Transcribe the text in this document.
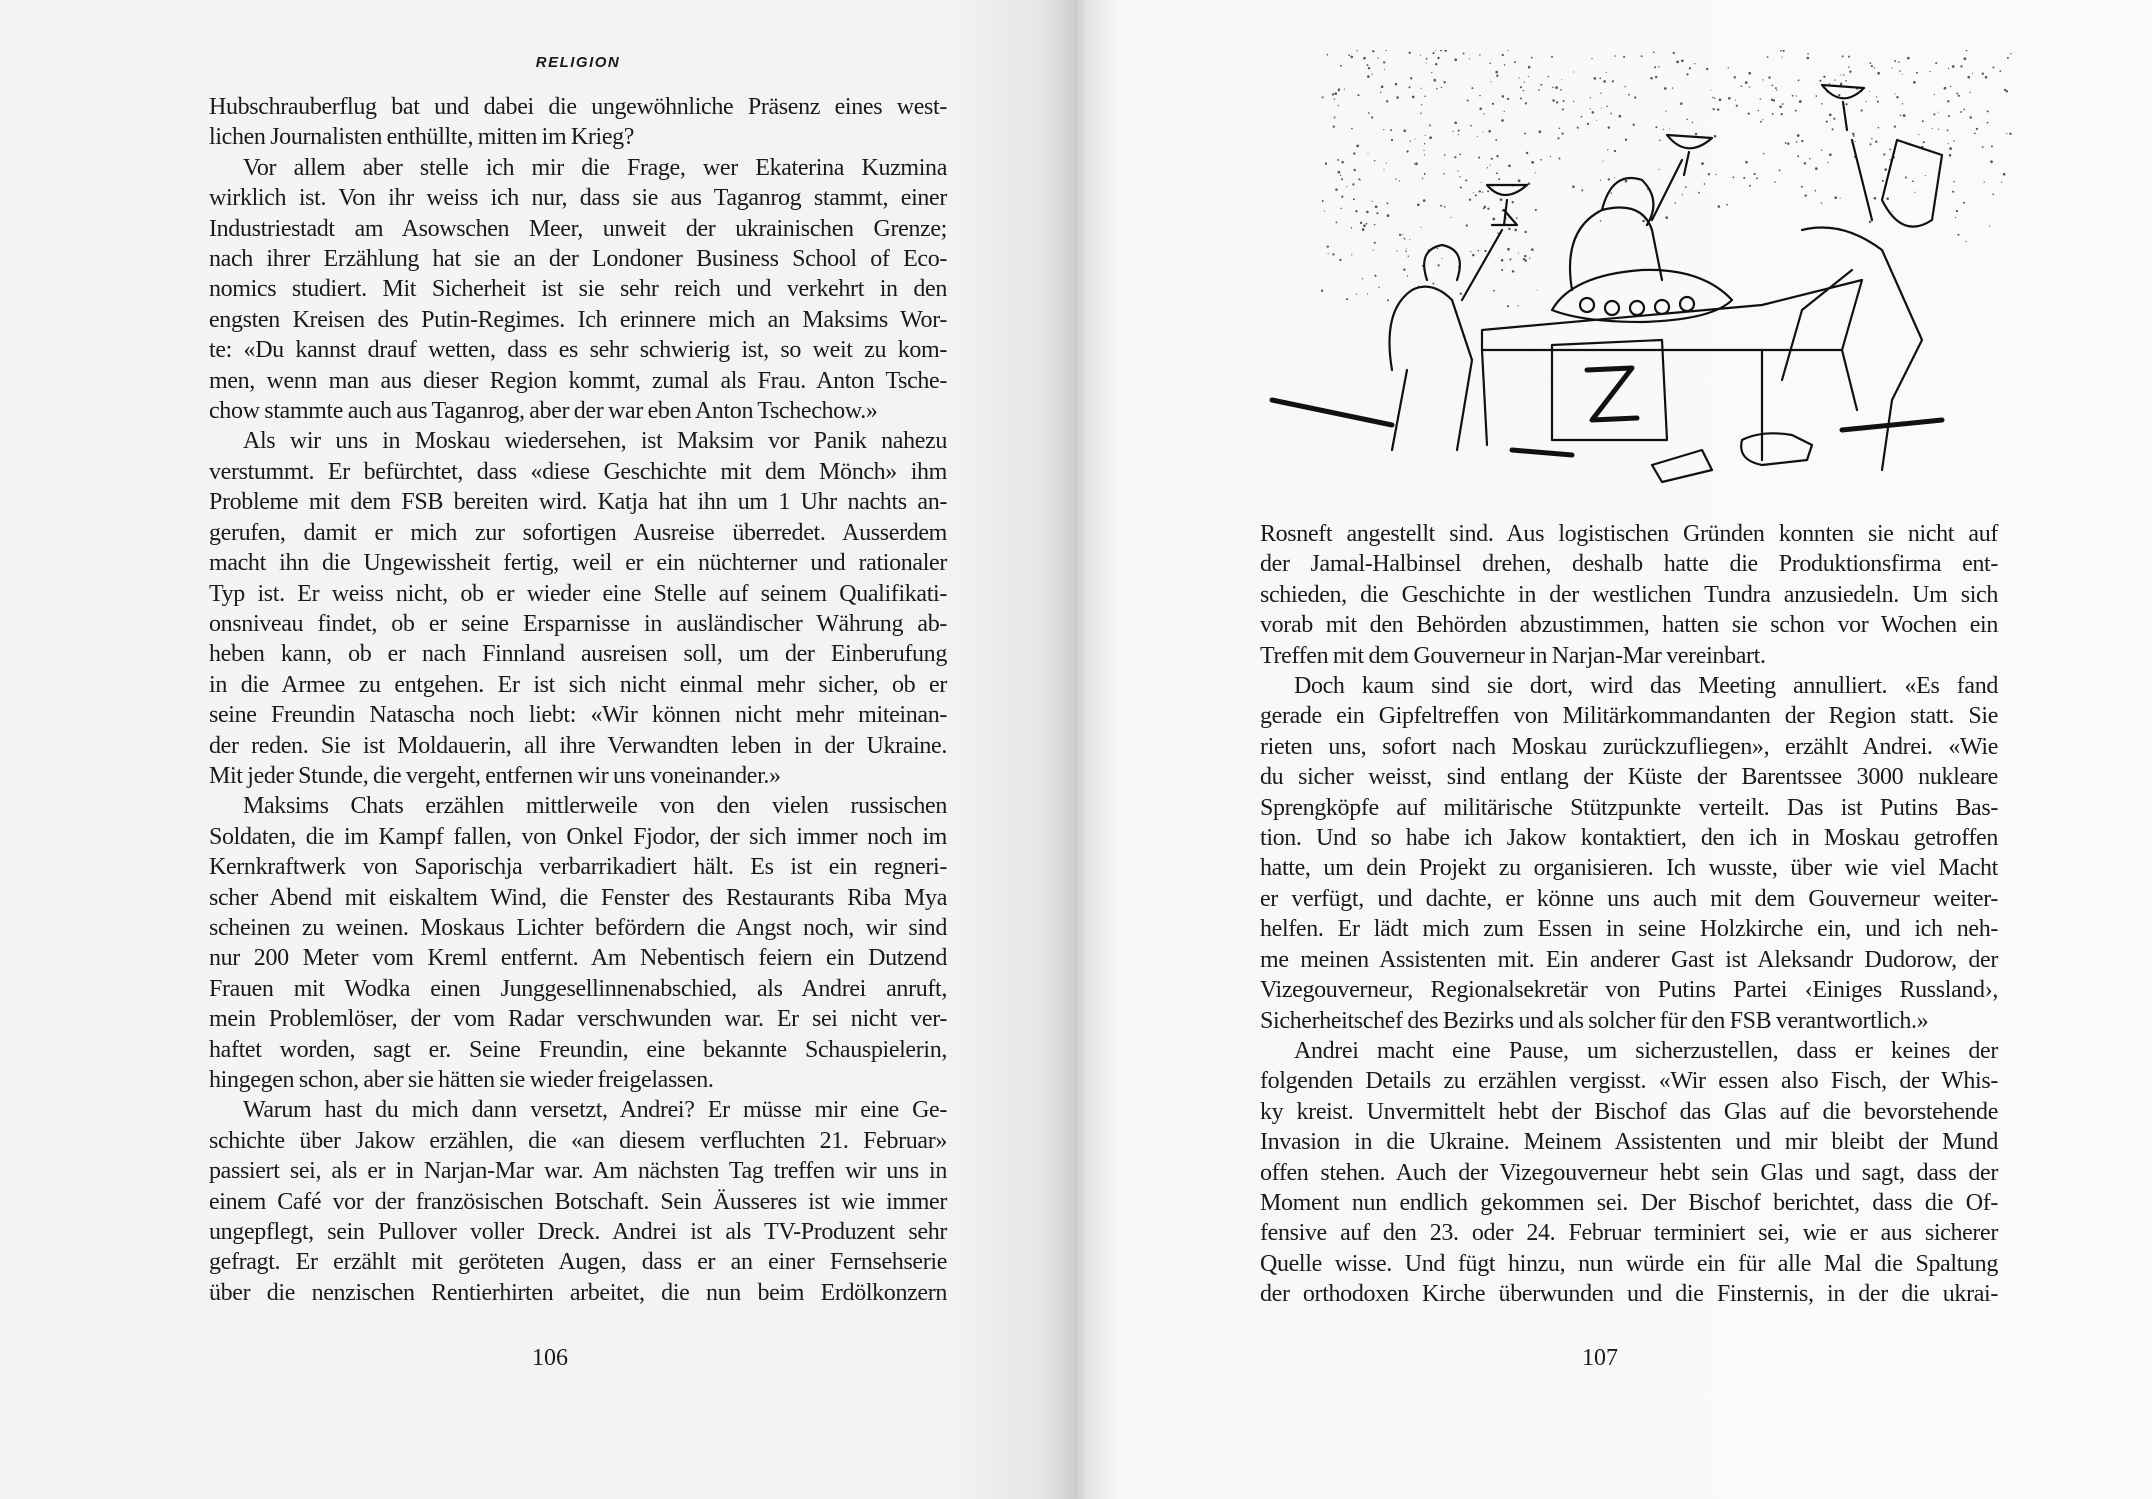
RELIGION
Hubschrauberflug bat und dabei die ungewöhnliche Präsenz eines west-
lichen Journalisten enthüllte, mitten im Krieg?
Vor allem aber stelle ich mir die Frage, wer Ekaterina Kuzmina
wirklich ist. Von ihr weiss ich nur, dass sie aus Taganrog stammt, einer
Industriestadt am Asowschen Meer, unweit der ukrainischen Grenze;
nach ihrer Erzählung hat sie an der Londoner Business School of Eco-
nomics studiert. Mit Sicherheit ist sie sehr reich und verkehrt in den
engsten Kreisen des Putin-Regimes. Ich erinnere mich an Maksims Wor-
te: «Du kannst drauf wetten, dass es sehr schwierig ist, so weit zu kom-
men, wenn man aus dieser Region kommt, zumal als Frau. Anton Tsche-
chow stammte auch aus Taganrog, aber der war eben Anton Tschechow.»
Als wir uns in Moskau wiedersehen, ist Maksim vor Panik nahezu
verstummt. Er befürchtet, dass «diese Geschichte mit dem Mönch» ihm
Probleme mit dem FSB bereiten wird. Katja hat ihn um 1 Uhr nachts an-
gerufen, damit er mich zur sofortigen Ausreise überredet. Ausserdem
macht ihn die Ungewissheit fertig, weil er ein nüchterner und rationaler
Typ ist. Er weiss nicht, ob er wieder eine Stelle auf seinem Qualifikati-
onsniveau findet, ob er seine Ersparnisse in ausländischer Währung ab-
heben kann, ob er nach Finnland ausreisen soll, um der Einberufung
in die Armee zu entgehen. Er ist sich nicht einmal mehr sicher, ob er
seine Freundin Natascha noch liebt: «Wir können nicht mehr miteinan-
der reden. Sie ist Moldauerin, all ihre Verwandten leben in der Ukraine.
Mit jeder Stunde, die vergeht, entfernen wir uns voneinander.»
Maksims Chats erzählen mittlerweile von den vielen russischen
Soldaten, die im Kampf fallen, von Onkel Fjodor, der sich immer noch im
Kernkraftwerk von Saporischja verbarrikadiert hält. Es ist ein regneri-
scher Abend mit eiskaltem Wind, die Fenster des Restaurants Riba Mya
scheinen zu weinen. Moskaus Lichter befördern die Angst noch, wir sind
nur 200 Meter vom Kreml entfernt. Am Nebentisch feiern ein Dutzend
Frauen mit Wodka einen Junggesellinnenabschied, als Andrei anruft,
mein Problemlöser, der vom Radar verschwunden war. Er sei nicht ver-
haftet worden, sagt er. Seine Freundin, eine bekannte Schauspielerin,
hingegen schon, aber sie hätten sie wieder freigelassen.
Warum hast du mich dann versetzt, Andrei? Er müsse mir eine Ge-
schichte über Jakow erzählen, die «an diesem verfluchten 21. Februar»
passiert sei, als er in Narjan-Mar war. Am nächsten Tag treffen wir uns in
einem Café vor der französischen Botschaft. Sein Äusseres ist wie immer
ungepflegt, sein Pullover voller Dreck. Andrei ist als TV-Produzent sehr
gefragt. Er erzählt mit geröteten Augen, dass er an einer Fernsehserie
über die nenzischen Rentierhirten arbeitet, die nun beim Erdölkonzern
106
Rosneft angestellt sind. Aus logistischen Gründen konnten sie nicht auf
der Jamal-Halbinsel drehen, deshalb hatte die Produktionsfirma ent-
schieden, die Geschichte in der westlichen Tundra anzusiedeln. Um sich
vorab mit den Behörden abzustimmen, hatten sie schon vor Wochen ein
Treffen mit dem Gouverneur in Narjan-Mar vereinbart.
Doch kaum sind sie dort, wird das Meeting annulliert. «Es fand
gerade ein Gipfeltreffen von Militärkommandanten der Region statt. Sie
rieten uns, sofort nach Moskau zurückzufliegen», erzählt Andrei. «Wie
du sicher weisst, sind entlang der Küste der Barentssee 3000 nukleare
Sprengköpfe auf militärische Stützpunkte verteilt. Das ist Putins Bas-
tion. Und so habe ich Jakow kontaktiert, den ich in Moskau getroffen
hatte, um dein Projekt zu organisieren. Ich wusste, über wie viel Macht
er verfügt, und dachte, er könne uns auch mit dem Gouverneur weiter-
helfen. Er lädt mich zum Essen in seine Holzkirche ein, und ich neh-
me meinen Assistenten mit. Ein anderer Gast ist Aleksandr Dudorow, der
Vizegouverneur, Regionalsekretär von Putins Partei ‹Einiges Russland›,
Sicherheitschef des Bezirks und als solcher für den FSB verantwortlich.»
Andrei macht eine Pause, um sicherzustellen, dass er keines der
folgenden Details zu erzählen vergisst. «Wir essen also Fisch, der Whis-
ky kreist. Unvermittelt hebt der Bischof das Glas auf die bevorstehende
Invasion in die Ukraine. Meinem Assistenten und mir bleibt der Mund
offen stehen. Auch der Vizegouverneur hebt sein Glas und sagt, dass der
Moment nun endlich gekommen sei. Der Bischof berichtet, dass die Of-
fensive auf den 23. oder 24. Februar terminiert sei, wie er aus sicherer
Quelle wisse. Und fügt hinzu, nun würde ein für alle Mal die Spaltung
der orthodoxen Kirche überwunden und die Finsternis, in der die ukrai-
107
